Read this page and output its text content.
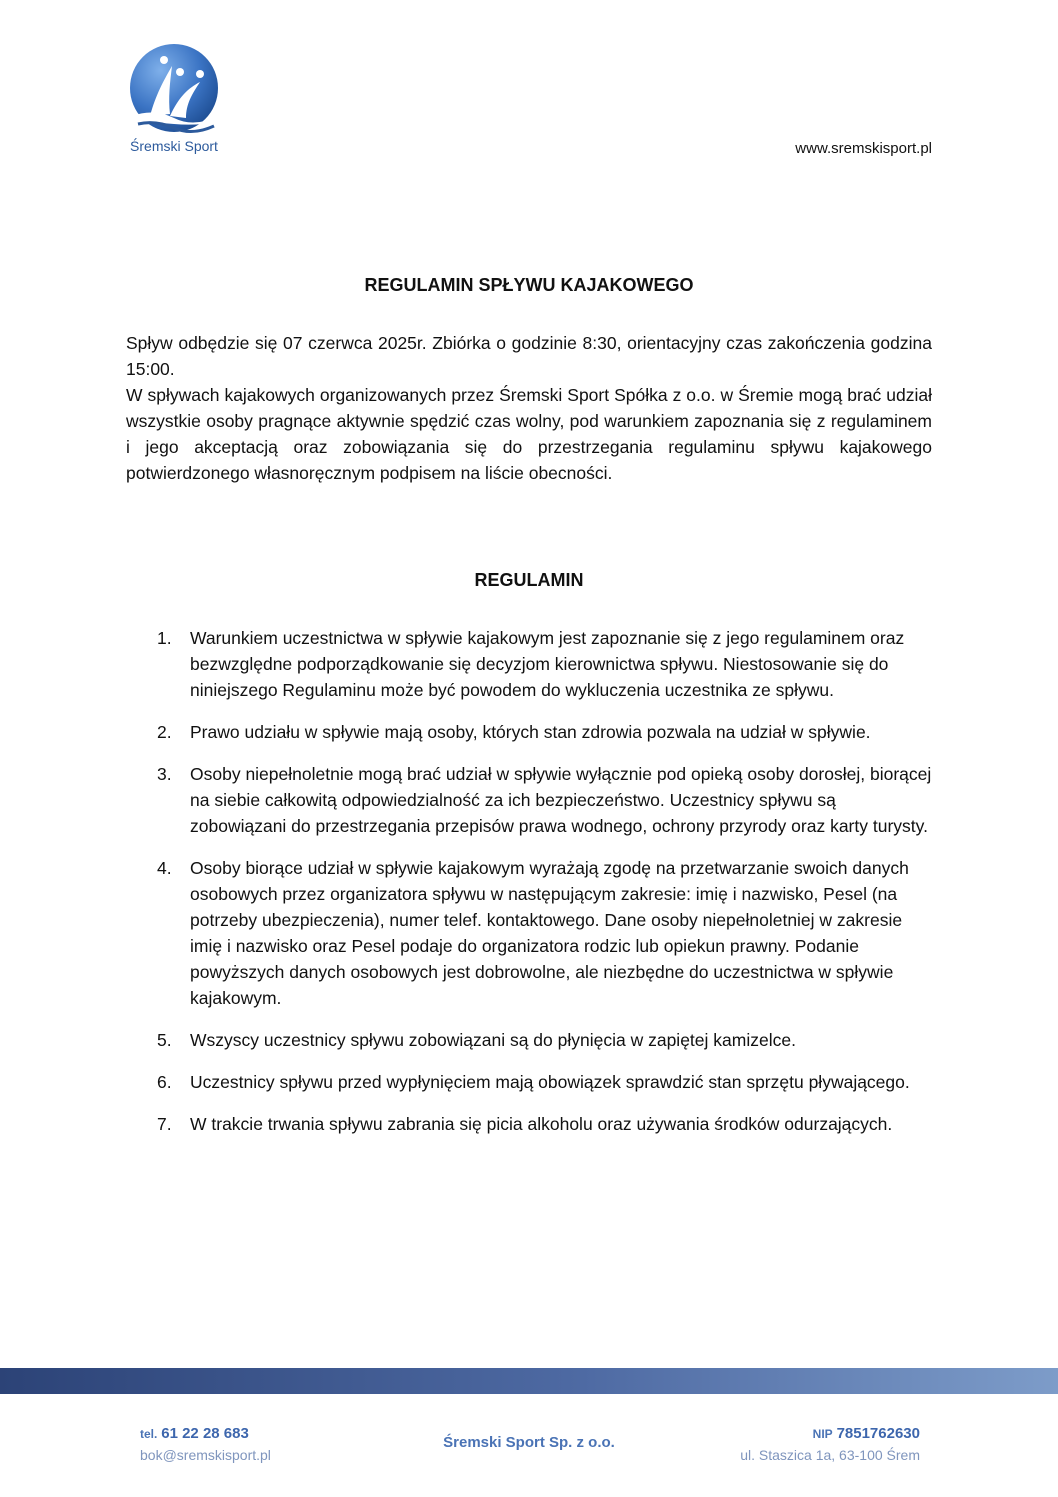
Śremski Sport	www.sremskisport.pl
REGULAMIN SPŁYWU KAJAKOWEGO

Spływ odbędzie się 07 czerwca 2025r. Zbiórka o godzinie 8:30, orientacyjny czas zakończenia godzina 15:00.

W spływach kajakowych organizowanych przez Śremski Sport Spółka z o.o. w Śremie mogą brać udział wszystkie osoby pragnące aktywnie spędzić czas wolny, pod warunkiem zapoznania się z regulaminem i jego akceptacją oraz zobowiązania się do przestrzegania regulaminu spływu kajakowego potwierdzonego własnoręcznym podpisem na liście obecności.

REGULAMIN
1. Warunkiem uczestnictwa w spływie kajakowym jest zapoznanie się z jego regulaminem oraz bezwzględne podporządkowanie się decyzjom kierownictwa spływu. Niestosowanie się do niniejszego Regulaminu może być powodem do wykluczenia uczestnika ze spływu.
2. Prawo udziału w spływie mają osoby, których stan zdrowia pozwala na udział w spływie.
3. Osoby niepełnoletnie mogą brać udział w spływie wyłącznie pod opieką osoby dorosłej, biorącej na siebie całkowitą odpowiedzialność za ich bezpieczeństwo. Uczestnicy spływu są zobowiązani do przestrzegania przepisów prawa wodnego, ochrony przyrody oraz karty turysty.
4. Osoby biorące udział w spływie kajakowym wyrażają zgodę na przetwarzanie swoich danych osobowych przez organizatora spływu w następującym zakresie: imię i nazwisko, Pesel (na potrzeby ubezpieczenia), numer telef. kontaktowego. Dane osoby niepełnoletniej w zakresie imię i nazwisko oraz Pesel podaje do organizatora rodzic lub opiekun prawny. Podanie powyższych danych osobowych jest dobrowolne, ale niezbędne do uczestnictwa w spływie kajakowym.
5. Wszyscy uczestnicy spływu zobowiązani są do płynięcia w zapiętej kamizelce.
6. Uczestnicy spływu przed wypłynięciem mają obowiązek sprawdzić stan sprzętu pływającego.
7. W trakcie trwania spływu zabrania się picia alkoholu oraz używania środków odurzających.
tel. 61 22 28 683
bok@sremskisport.pl
Śremski Sport Sp. z o.o.	NIP 7851762630
ul. Staszica 1a, 63-100 Śrem
